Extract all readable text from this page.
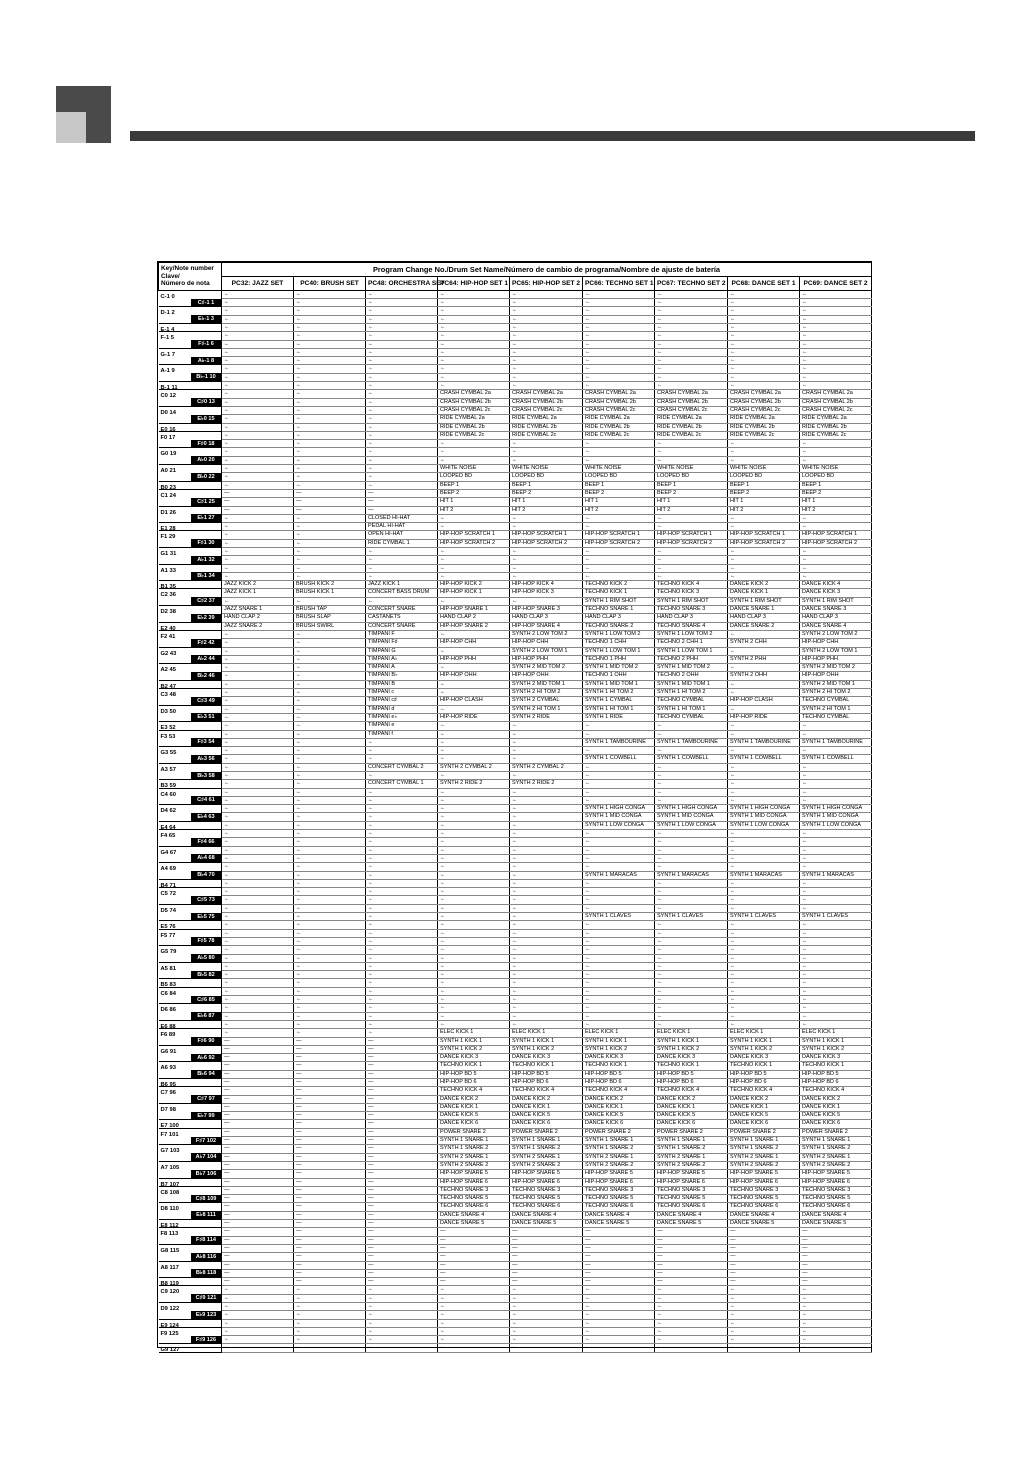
Key/Note number
Clave/
Número de nota	Program Change No./Drum Set Name/Número de cambio de programa/Nombre de ajuste de batería								
	PC32: JAZZ SET	PC40: BRUSH SET	PC48: ORCHESTRA SET	PC64: HIP-HOP SET 1	PC65: HIP-HOP SET 2	PC66: TECHNO SET 1	PC67: TECHNO SET 2	PC68: DANCE SET 1	PC69: DANCE SET 2

C-1 0	←	←	←	←	←	←	←	←	←

C♯-1 1	←	←	←	←	←	←	←	←	←

D-1 2	←	←	←	←	←	←	←	←	←

E♭-1 3	←	←	←	←	←	←	←	←	←

E-1 4	←	←	←	←	←	←	←	←	←

F-1 5	←	←	←	←	←	←	←	←	←

F♯-1 6	←	←	←	←	←	←	←	←	←

G-1 7	←	←	←	←	←	←	←	←	←

A♭-1 8	←	←	←	←	←	←	←	←	←

A-1 9	←	←	←	←	←	←	←	←	←

B♭-1 10	←	←	←	←	←	←	←	←	←

B-1 11	←	←	←	←	←	←	←	←	←

C0 12	←	←	←	CRASH CYMBAL 2a	CRASH CYMBAL 2a	CRASH CYMBAL 2a	CRASH CYMBAL 2a	CRASH CYMBAL 2a	CRASH CYMBAL 2a

C♯0 13	←	←	←	CRASH CYMBAL 2b	CRASH CYMBAL 2b	CRASH CYMBAL 2b	CRASH CYMBAL 2b	CRASH CYMBAL 2b	CRASH CYMBAL 2b

D0 14	←	←	←	CRASH CYMBAL 2c	CRASH CYMBAL 2c	CRASH CYMBAL 2c	CRASH CYMBAL 2c	CRASH CYMBAL 2c	CRASH CYMBAL 2c

E♭0 15	←	←	←	RIDE CYMBAL 2a	RIDE CYMBAL 2a	RIDE CYMBAL 2a	RIDE CYMBAL 2a	RIDE CYMBAL 2a	RIDE CYMBAL 2a

E0 16	←	←	←	RIDE CYMBAL 2b	RIDE CYMBAL 2b	RIDE CYMBAL 2b	RIDE CYMBAL 2b	RIDE CYMBAL 2b	RIDE CYMBAL 2b

F0 17	←	←	←	RIDE CYMBAL 2c	RIDE CYMBAL 2c	RIDE CYMBAL 2c	RIDE CYMBAL 2c	RIDE CYMBAL 2c	RIDE CYMBAL 2c

F♯0 18	←	←	←	←	←	←	←	←	←

G0 19	←	←	←	←	←	←	←	←	←

A♭0 20	←	←	←	←	←	←	←	←	←

A0 21	←	←	←	WHITE NOISE	WHITE NOISE	WHITE NOISE	WHITE NOISE	WHITE NOISE	WHITE NOISE

B♭0 22	←	←	←	LOOPED BD	LOOPED BD	LOOPED BD	LOOPED BD	LOOPED BD	LOOPED BD

B0 23	←	←	←	BEEP 1	BEEP 1	BEEP 1	BEEP 1	BEEP 1	BEEP 1

C1 24	—	—	—	BEEP 2	BEEP 2	BEEP 2	BEEP 2	BEEP 2	BEEP 2

C♯1 25	—	—	—	HIT 1	HIT 1	HIT 1	HIT 1	HIT 1	HIT 1

D1 26	—	—	—	HIT 2	HIT 2	HIT 2	HIT 2	HIT 2	HIT 2

E♭1 27	←	←	CLOSED HI-HAT	←	←	←	←	←	←

E1 28	←	←	PEDAL HI-HAT	←	←	←	←	←	←

F1 29	←	←	OPEN HI-HAT	HIP-HOP SCRATCH 1	HIP-HOP SCRATCH 1	HIP-HOP SCRATCH 1	HIP-HOP SCRATCH 1	HIP-HOP SCRATCH 1	HIP-HOP SCRATCH 1

F♯1 30	←	←	RIDE CYMBAL 1	HIP-HOP SCRATCH 2	HIP-HOP SCRATCH 2	HIP-HOP SCRATCH 2	HIP-HOP SCRATCH 2	HIP-HOP SCRATCH 2	HIP-HOP SCRATCH 2

G1 31	←	←	←	←	←	←	←	←	←

A♭1 32	←	←	←	←	←	←	←	←	←

A1 33	←	←	←	←	←	←	←	←	←

B♭1 34	←	←	←	←	←	←	←	←	←

B1 35	JAZZ KICK 2	BRUSH KICK 2	JAZZ KICK 1	HIP-HOP KICK 2	HIP-HOP KICK 4	TECHNO KICK 2	TECHNO KICK 4	DANCE KICK 2	DANCE KICK 4

C2 36	JAZZ KICK 1	BRUSH KICK 1	CONCERT BASS DRUM	HIP-HOP KICK 1	HIP-HOP KICK 3	TECHNO KICK 1	TECHNO KICK 3	DANCE KICK 1	DANCE KICK 3

C♯2 37	←	←	←	←	←	SYNTH 1 RIM SHOT	SYNTH 1 RIM SHOT	SYNTH 1 RIM SHOT	SYNTH 1 RIM SHOT

D2 38	JAZZ SNARE 1	BRUSH TAP	CONCERT SNARE	HIP-HOP SNARE 1	HIP-HOP SNARE 3	TECHNO SNARE 1	TECHNO SNARE 3	DANCE SNARE 1	DANCE SNARE 3

E♭2 39	HAND CLAP 2	BRUSH SLAP	CASTANETS	HAND CLAP 2	HAND CLAP 3	HAND CLAP 3	HAND CLAP 3	HAND CLAP 3	HAND CLAP 3

E2 40	JAZZ SNARE 2	BRUSH SWIRL	CONCERT SNARE	HIP-HOP SNARE 2	HIP-HOP SNARE 4	TECHNO SNARE 2	TECHNO SNARE 4	DANCE SNARE 2	DANCE SNARE 4

F2 41	←	←	TIMPANI F	←	SYNTH 2 LOW TOM 2	SYNTH 1 LOW TOM 2	SYNTH 1 LOW TOM 2	←	SYNTH 2 LOW TOM 2

F♯2 42	←	←	TIMPANI F♯	HIP-HOP CHH	HIP-HOP CHH	TECHNO 1 CHH	TECHNO 2 CHH 1	SYNTH 2 CHH	HIP-HOP CHH

G2 43	←	←	TIMPANI G	←	SYNTH 2 LOW TOM 1	SYNTH 1 LOW TOM 1	SYNTH 1 LOW TOM 1	←	SYNTH 2 LOW TOM 1

A♭2 44	←	←	TIMPANI A♭	HIP-HOP PHH	HIP-HOP PHH	TECHNO 1 PHH	TECHNO 2 PHH	SYNTH 2 PHH	HIP-HOP PHH

A2 45	←	←	TIMPANI A	←	SYNTH 2 MID TOM 2	SYNTH 1 MID TOM 2	SYNTH 1 MID TOM 2	←	SYNTH 2 MID TOM 2

B♭2 46	←	←	TIMPANI B♭	HIP-HOP OHH	HIP-HOP OHH	TECHNO 1 OHH	TECHNO 2 OHH	SYNTH 2 OHH	HIP-HOP OHH

B2 47	←	←	TIMPANI B	←	SYNTH 2 MID TOM 1	SYNTH 1 MID TOM 1	SYNTH 1 MID TOM 1	←	SYNTH 2 MID TOM 1

C3 48	←	←	TIMPANI c	←	SYNTH 2 HI TOM 2	SYNTH 1 HI TOM 2	SYNTH 1 HI TOM 2	←	SYNTH 2 HI TOM 2

C♯3 49	←	←	TIMPANI c♯	HIP-HOP CLASH	SYNTH 2 CYMBAL	SYNTH 1 CYMBAL	TECHNO CYMBAL	HIP-HOP CLASH	TECHNO CYMBAL

D3 50	←	←	TIMPANI d	←	SYNTH 2 HI TOM 1	SYNTH 1 HI TOM 1	SYNTH 1 HI TOM 1	←	SYNTH 2 HI TOM 1

E♭3 51	←	←	TIMPANI e♭	HIP-HOP RIDE	SYNTH 2 RIDE	SYNTH 1 RIDE	TECHNO CYMBAL	HIP-HOP RIDE	TECHNO CYMBAL

E3 52	←	←	TIMPANI e	←	←	←	←	←	←

F3 53	←	←	TIMPANI f	←	←	←	←	←	←

F♯3 54	←	←	←	←	←	SYNTH 1 TAMBOURINE	SYNTH 1 TAMBOURINE	SYNTH 1 TAMBOURINE	SYNTH 1 TAMBOURINE

G3 55	←	←	←	←	←	←	←	←	←

A♭3 56	←	←	←	←	←	SYNTH 1 COWBELL	SYNTH 1 COWBELL	SYNTH 1 COWBELL	SYNTH 1 COWBELL

A3 57	←	←	CONCERT CYMBAL 2	SYNTH 2 CYMBAL 2	SYNTH 2 CYMBAL 2	←	←	←	←

B♭3 58	←	←	←	←	←	←	←	←	←

B3 59	←	←	CONCERT CYMBAL 1	SYNTH 2 RIDE 2	SYNTH 2 RIDE 2	←	←	←	←

C4 60	←	←	←	←	←	←	←	←	←

C♯4 61	←	←	←	←	←	←	←	←	←

D4 62	←	←	←	←	←	SYNTH 1 HIGH CONGA	SYNTH 1 HIGH CONGA	SYNTH 1 HIGH CONGA	SYNTH 1 HIGH CONGA

E♭4 63	←	←	←	←	←	SYNTH 1 MID CONGA	SYNTH 1 MID CONGA	SYNTH 1 MID CONGA	SYNTH 1 MID CONGA

E4 64	←	←	←	←	←	SYNTH 1 LOW CONGA	SYNTH 1 LOW CONGA	SYNTH 1 LOW CONGA	SYNTH 1 LOW CONGA

F4 65	←	←	←	←	←	←	←	←	←

F♯4 66	←	←	←	←	←	←	←	←	←

G4 67	←	←	←	←	←	←	←	←	←

A♭4 68	←	←	←	←	←	←	←	←	←

A4 69	←	←	←	←	←	←	←	←	←

B♭4 70	←	←	←	←	←	SYNTH 1 MARACAS	SYNTH 1 MARACAS	SYNTH 1 MARACAS	SYNTH 1 MARACAS

B4 71	←	←	←	←	←	←	←	←	←

C5 72	←	←	←	←	←	←	←	←	←

C♯5 73	←	←	←	←	←	←	←	←	←

D5 74	←	←	←	←	←	←	←	←	←

E♭5 75	←	←	←	←	←	SYNTH 1 CLAVES	SYNTH 1 CLAVES	SYNTH 1 CLAVES	SYNTH 1 CLAVES

E5 76	←	←	←	←	←	←	←	←	←

F5 77	←	←	←	←	←	←	←	←	←

F♯5 78	←	←	←	←	←	←	←	←	←

G5 79	←	←	←	←	←	←	←	←	←

A♭5 80	←	←	←	←	←	←	←	←	←

A5 81	←	←	←	←	←	←	←	←	←

B♭5 82	←	←	←	←	←	←	←	←	←

B5 83	←	←	←	←	←	←	←	←	←

C6 84	←	←	←	←	←	←	←	←	←

C♯6 85	←	←	←	←	←	←	←	←	←

D6 86	←	←	←	←	←	←	←	←	←

E♭6 87	←	←	←	←	←	←	←	←	←

E6 88	←	←	←	←	←	←	←	←	←

F6 89	←	←	←	ELEC KICK 1	ELEC KICK 1	ELEC KICK 1	ELEC KICK 1	ELEC KICK 1	ELEC KICK 1

F♯6 90	—	—	—	SYNTH 1 KICK 1	SYNTH 1 KICK 1	SYNTH 1 KICK 1	SYNTH 1 KICK 1	SYNTH 1 KICK 1	SYNTH 1 KICK 1

G6 91	—	—	—	SYNTH 1 KICK 2	SYNTH 1 KICK 2	SYNTH 1 KICK 2	SYNTH 1 KICK 2	SYNTH 1 KICK 2	SYNTH 1 KICK 2

A♭6 92	—	—	—	DANCE KICK 3	DANCE KICK 3	DANCE KICK 3	DANCE KICK 3	DANCE KICK 3	DANCE KICK 3

A6 93	—	—	—	TECHNO KICK 1	TECHNO KICK 1	TECHNO KICK 1	TECHNO KICK 1	TECHNO KICK 1	TECHNO KICK 1

B♭6 94	—	—	—	HIP-HOP BD 5	HIP-HOP BD 5	HIP-HOP BD 5	HIP-HOP BD 5	HIP-HOP BD 5	HIP-HOP BD 5

B6 95	—	—	—	HIP-HOP BD 6	HIP-HOP BD 6	HIP-HOP BD 6	HIP-HOP BD 6	HIP-HOP BD 6	HIP-HOP BD 6

C7 96	—	—	—	TECHNO KICK 4	TECHNO KICK 4	TECHNO KICK 4	TECHNO KICK 4	TECHNO KICK 4	TECHNO KICK 4

C♯7 97	—	—	—	DANCE KICK 2	DANCE KICK 2	DANCE KICK 2	DANCE KICK 2	DANCE KICK 2	DANCE KICK 2

D7 98	—	—	—	DANCE KICK 1	DANCE KICK 1	DANCE KICK 1	DANCE KICK 1	DANCE KICK 1	DANCE KICK 1

E♭7 99	—	—	—	DANCE KICK 5	DANCE KICK 5	DANCE KICK 5	DANCE KICK 5	DANCE KICK 5	DANCE KICK 5

E7 100	—	—	—	DANCE KICK 6	DANCE KICK 6	DANCE KICK 6	DANCE KICK 6	DANCE KICK 6	DANCE KICK 6

F7 101	—	—	—	POWER SNARE 2	POWER SNARE 2	POWER SNARE 2	POWER SNARE 2	POWER SNARE 2	POWER SNARE 2

F♯7 102	—	—	—	SYNTH 1 SNARE 1	SYNTH 1 SNARE 1	SYNTH 1 SNARE 1	SYNTH 1 SNARE 1	SYNTH 1 SNARE 1	SYNTH 1 SNARE 1

G7 103	—	—	—	SYNTH 1 SNARE 2	SYNTH 1 SNARE 2	SYNTH 1 SNARE 2	SYNTH 1 SNARE 2	SYNTH 1 SNARE 2	SYNTH 1 SNARE 2

A♭7 104	—	—	—	SYNTH 2 SNARE 1	SYNTH 2 SNARE 1	SYNTH 2 SNARE 1	SYNTH 2 SNARE 1	SYNTH 2 SNARE 1	SYNTH 2 SNARE 1

A7 105	—	—	—	SYNTH 2 SNARE 2	SYNTH 2 SNARE 2	SYNTH 2 SNARE 2	SYNTH 2 SNARE 2	SYNTH 2 SNARE 2	SYNTH 2 SNARE 2

B♭7 106	—	—	—	HIP-HOP SNARE 5	HIP-HOP SNARE 5	HIP-HOP SNARE 5	HIP-HOP SNARE 5	HIP-HOP SNARE 5	HIP-HOP SNARE 5

B7 107	—	—	—	HIP-HOP SNARE 6	HIP-HOP SNARE 6	HIP-HOP SNARE 6	HIP-HOP SNARE 6	HIP-HOP SNARE 6	HIP-HOP SNARE 6

C8 108	—	—	—	TECHNO SNARE 3	TECHNO SNARE 3	TECHNO SNARE 3	TECHNO SNARE 3	TECHNO SNARE 3	TECHNO SNARE 3

C♯8 109	—	—	—	TECHNO SNARE 5	TECHNO SNARE 5	TECHNO SNARE 5	TECHNO SNARE 5	TECHNO SNARE 5	TECHNO SNARE 5

D8 110	—	—	—	TECHNO SNARE 6	TECHNO SNARE 6	TECHNO SNARE 6	TECHNO SNARE 6	TECHNO SNARE 6	TECHNO SNARE 6

E♭8 111	—	—	—	DANCE SNARE 4	DANCE SNARE 4	DANCE SNARE 4	DANCE SNARE 4	DANCE SNARE 4	DANCE SNARE 4

E8 112	—	—	—	DANCE SNARE 5	DANCE SNARE 5	DANCE SNARE 5	DANCE SNARE 5	DANCE SNARE 5	DANCE SNARE 5

F8 113	—	—	—	—	—	—	—	—	—

F♯8 114	—	—	—	—	—	—	—	—	—

G8 115	—	—	—	—	—	—	—	—	—

A♭8 116	—	—	—	—	—	—	—	—	—

A8 117	—	—	—	—	—	—	—	—	—

B♭8 118	—	—	—	—	—	—	—	—	—

B8 119	—	—	—	—	—	—	—	—	—

C9 120	←	←	←	←	←	←	←	←	←

C♯9 121	←	←	←	←	←	←	←	←	←

D9 122	←	←	←	←	←	←	←	←	←

E♭9 123	←	←	←	←	←	←	←	←	←

E9 124	←	←	←	←	←	←	←	←	←

F9 125	←	←	←	←	←	←	←	←	←

F♯9 126	←	←	←	←	←	←	←	←	←

G9 127	←	←	←	←	←	←	←	←	←
